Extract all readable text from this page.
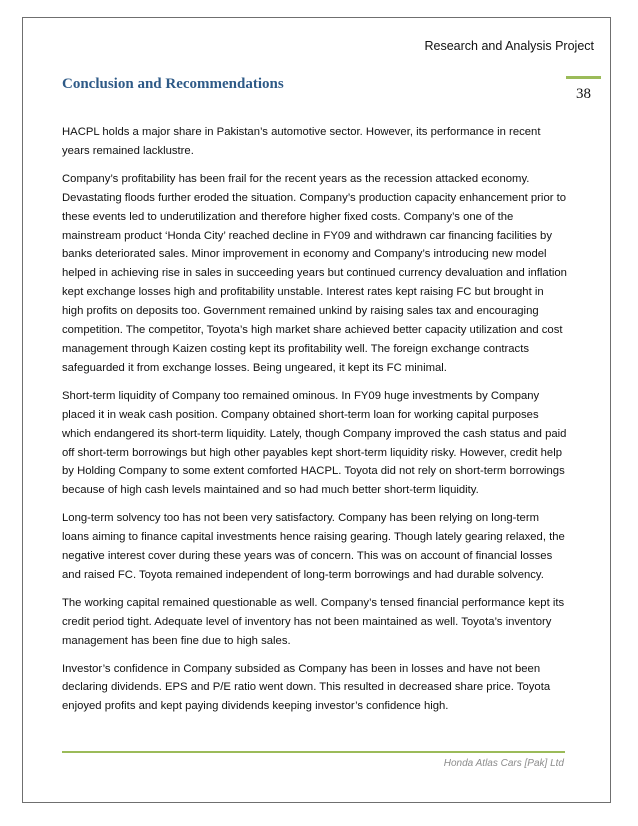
Research and Analysis Project
38
Conclusion and Recommendations

HACPL holds a major share in Pakistan’s automotive sector. However, its performance in recent years remained lacklustre.

Company’s profitability has been frail for the recent years as the recession attacked economy. Devastating floods further eroded the situation. Company’s production capacity enhancement prior to these events led to underutilization and therefore higher fixed costs. Company’s one of the mainstream product ‘Honda City’ reached decline in FY09 and withdrawn car financing facilities by banks deteriorated sales. Minor improvement in economy and Company’s introducing new model helped in achieving rise in sales in succeeding years but continued currency devaluation and inflation kept exchange losses high and profitability unstable. Interest rates kept raising FC but brought in high profits on deposits too. Government remained unkind by raising sales tax and encouraging competition. The competitor, Toyota’s high market share achieved better capacity utilization and cost management through Kaizen costing kept its profitability well. The foreign exchange contracts safeguarded it from exchange losses. Being ungeared, it kept its FC minimal.

Short-term liquidity of Company too remained ominous. In FY09 huge investments by Company placed it in weak cash position. Company obtained short-term loan for working capital purposes which endangered its short-term liquidity. Lately, though Company improved the cash status and paid off short-term borrowings but high other payables kept short-term liquidity risky. However, credit help by Holding Company to some extent comforted HACPL. Toyota did not rely on short-term borrowings because of high cash levels maintained and so had much better short-term liquidity.

Long-term solvency too has not been very satisfactory. Company has been relying on long-term loans aiming to finance capital investments hence raising gearing. Though lately gearing relaxed, the negative interest cover during these years was of concern. This was on account of financial losses and raised FC. Toyota remained independent of long-term borrowings and had durable solvency.

The working capital remained questionable as well. Company’s tensed financial performance kept its credit period tight. Adequate level of inventory has not been maintained as well. Toyota’s inventory management has been fine due to high sales.

Investor’s confidence in Company subsided as Company has been in losses and have not been declaring dividends. EPS and P/E ratio went down. This resulted in decreased share price. Toyota enjoyed profits and kept paying dividends keeping investor’s confidence high.

Honda Atlas Cars [Pak] Ltd
